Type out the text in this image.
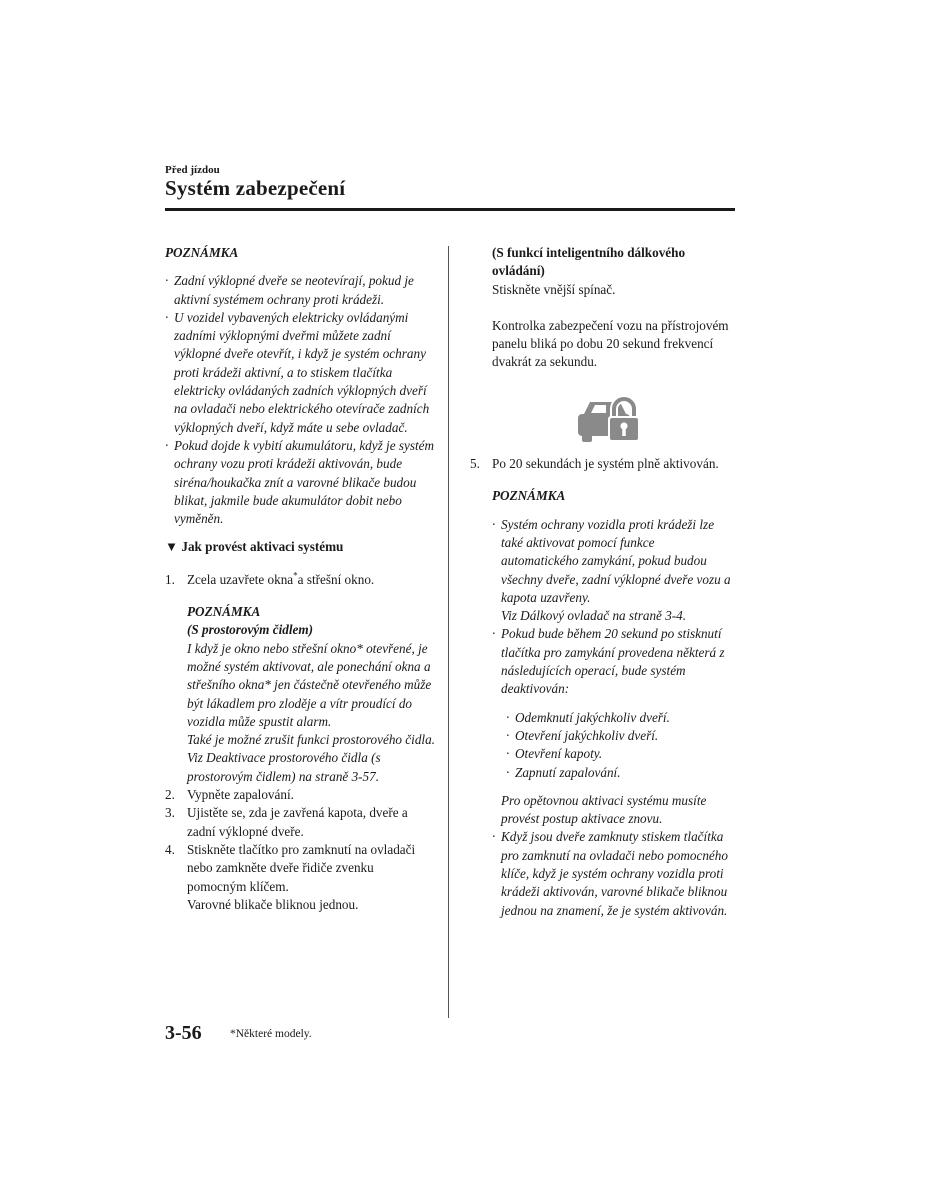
Před jízdou
Systém zabezpečení

POZNÁMKA

· Zadní výklopné dveře se neotevírají, pokud je aktivní systémem ochrany proti krádeži.
· U vozidel vybavených elektricky ovládanými zadními výklopnými dveřmi můžete zadní výklopné dveře otevřít, i když je systém ochrany proti krádeži aktivní, a to stiskem tlačítka elektricky ovládaných zadních výklopných dveří na ovladači nebo elektrického otevírače zadních výklopných dveří, když máte u sebe ovladač.
· Pokud dojde k vybití akumulátoru, když je systém ochrany vozu proti krádeži aktivován, bude siréna/houkačka znít a varovné blikače budou blikat, jakmile bude akumulátor dobit nebo vyměněn.

▼ Jak provést aktivaci systému

1. Zcela uzavřete okna*a střešní okno.

POZNÁMKA

(S prostorovým čidlem)

I když je okno nebo střešní okno* otevřené, je možné systém aktivovat, ale ponechání okna a střešního okna* jen částečně otevřeného může být lákadlem pro zloděje a vítr proudící do vozidla může spustit alarm.

Také je možné zrušit funkci prostorového čidla.

Viz Deaktivace prostorového čidla (s prostorovým čidlem) na straně 3-57.

2. Vypněte zapalování.
3. Ujistěte se, zda je zavřená kapota, dveře a zadní výklopné dveře.
4. Stiskněte tlačítko pro zamknutí na ovladači nebo zamkněte dveře řidiče zvenku pomocným klíčem.
Varovné blikače bliknou jednou.

(S funkcí inteligentního dálkového ovládání)

Stiskněte vnější spínač.

Kontrolka zabezpečení vozu na přístrojovém panelu bliká po dobu 20 sekund frekvencí dvakrát za sekundu.

5. Po 20 sekundách je systém plně aktivován.

POZNÁMKA

· Systém ochrany vozidla proti krádeži lze také aktivovat pomocí funkce automatického zamykání, pokud budou všechny dveře, zadní výklopné dveře vozu a kapota uzavřeny.
Viz Dálkový ovladač na straně 3-4.
· Pokud bude během 20 sekund po stisknutí tlačítka pro zamykání provedena některá z následujících operací, bude systém deaktivován:
· Odemknutí jakýchkoliv dveří.
· Otevření jakýchkoliv dveří.
· Otevření kapoty.
· Zapnutí zapalování.

Pro opětovnou aktivaci systému musíte provést postup aktivace znovu.

· Když jsou dveře zamknuty stiskem tlačítka pro zamknutí na ovladači nebo pomocného klíče, když je systém ochrany vozidla proti krádeži aktivován, varovné blikače bliknou jednou na znamení, že je systém aktivován.
3-56 *Některé modely.
